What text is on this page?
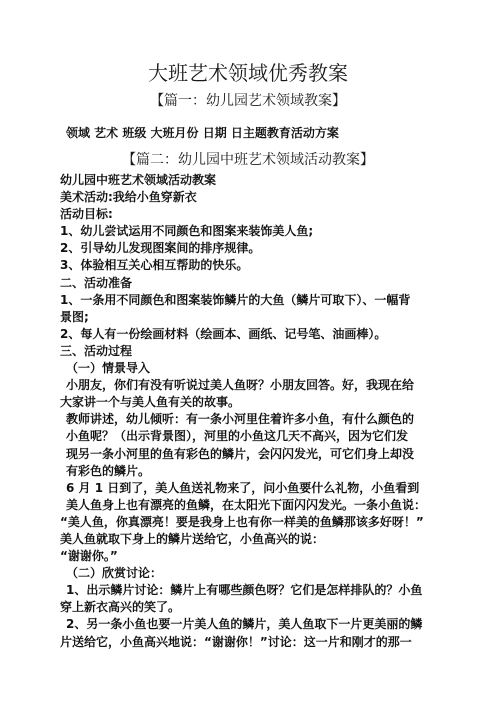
大班艺术领域优秀教案
【篇一：幼儿园艺术领域教案】
领域 艺术 班级 大班月份 日期 日主题教育活动方案
【篇二：幼儿园中班艺术领域活动教案】
幼儿园中班艺术领域活动教案
美术活动:我给小鱼穿新衣
活动目标:
1、幼儿尝试运用不同颜色和图案来装饰美人鱼;
2、引导幼儿发现图案间的排序规律。
3、体验相互关心相互帮助的快乐。
二、活动准备
1、一条用不同颜色和图案装饰鳞片的大鱼（鳞片可取下）、一幅背
景图;
2、每人有一份绘画材料（绘画本、画纸、记号笔、油画棒）。
三、活动过程
（一）情景导入
小朋友，你们有没有听说过美人鱼呀？小朋友回答。好，我现在给
大家讲一个与美人鱼有关的故事。
教师讲述，幼儿倾听：有一条小河里住着许多小鱼，有什么颜色的
小鱼呢？（出示背景图），河里的小鱼这几天不高兴，因为它们发
现另一条小河里的鱼有彩色的鳞片，会闪闪发光，可它们身上却没
有彩色的鳞片。
6 月 1 日到了，美人鱼送礼物来了，问小鱼要什么礼物，小鱼看到
美人鱼身上也有漂亮的鱼鳞，在太阳光下面闪闪发光。一条小鱼说：
“美人鱼，你真漂亮！要是我身上也有你一样美的鱼鳞那该多好呀！”
美人鱼就取下身上的鳞片送给它，小鱼高兴的说：
“谢谢你。”
（二）欣赏讨论：
1、出示鳞片讨论：鳞片上有哪些颜色呀？它们是怎样排队的？小鱼
穿上新衣高兴的笑了。
2、另一条小鱼也要一片美人鱼的鳞片，美人鱼取下一片更美丽的鳞
片送给它，小鱼高兴地说：“谢谢你！”讨论：这一片和刚才的那一
